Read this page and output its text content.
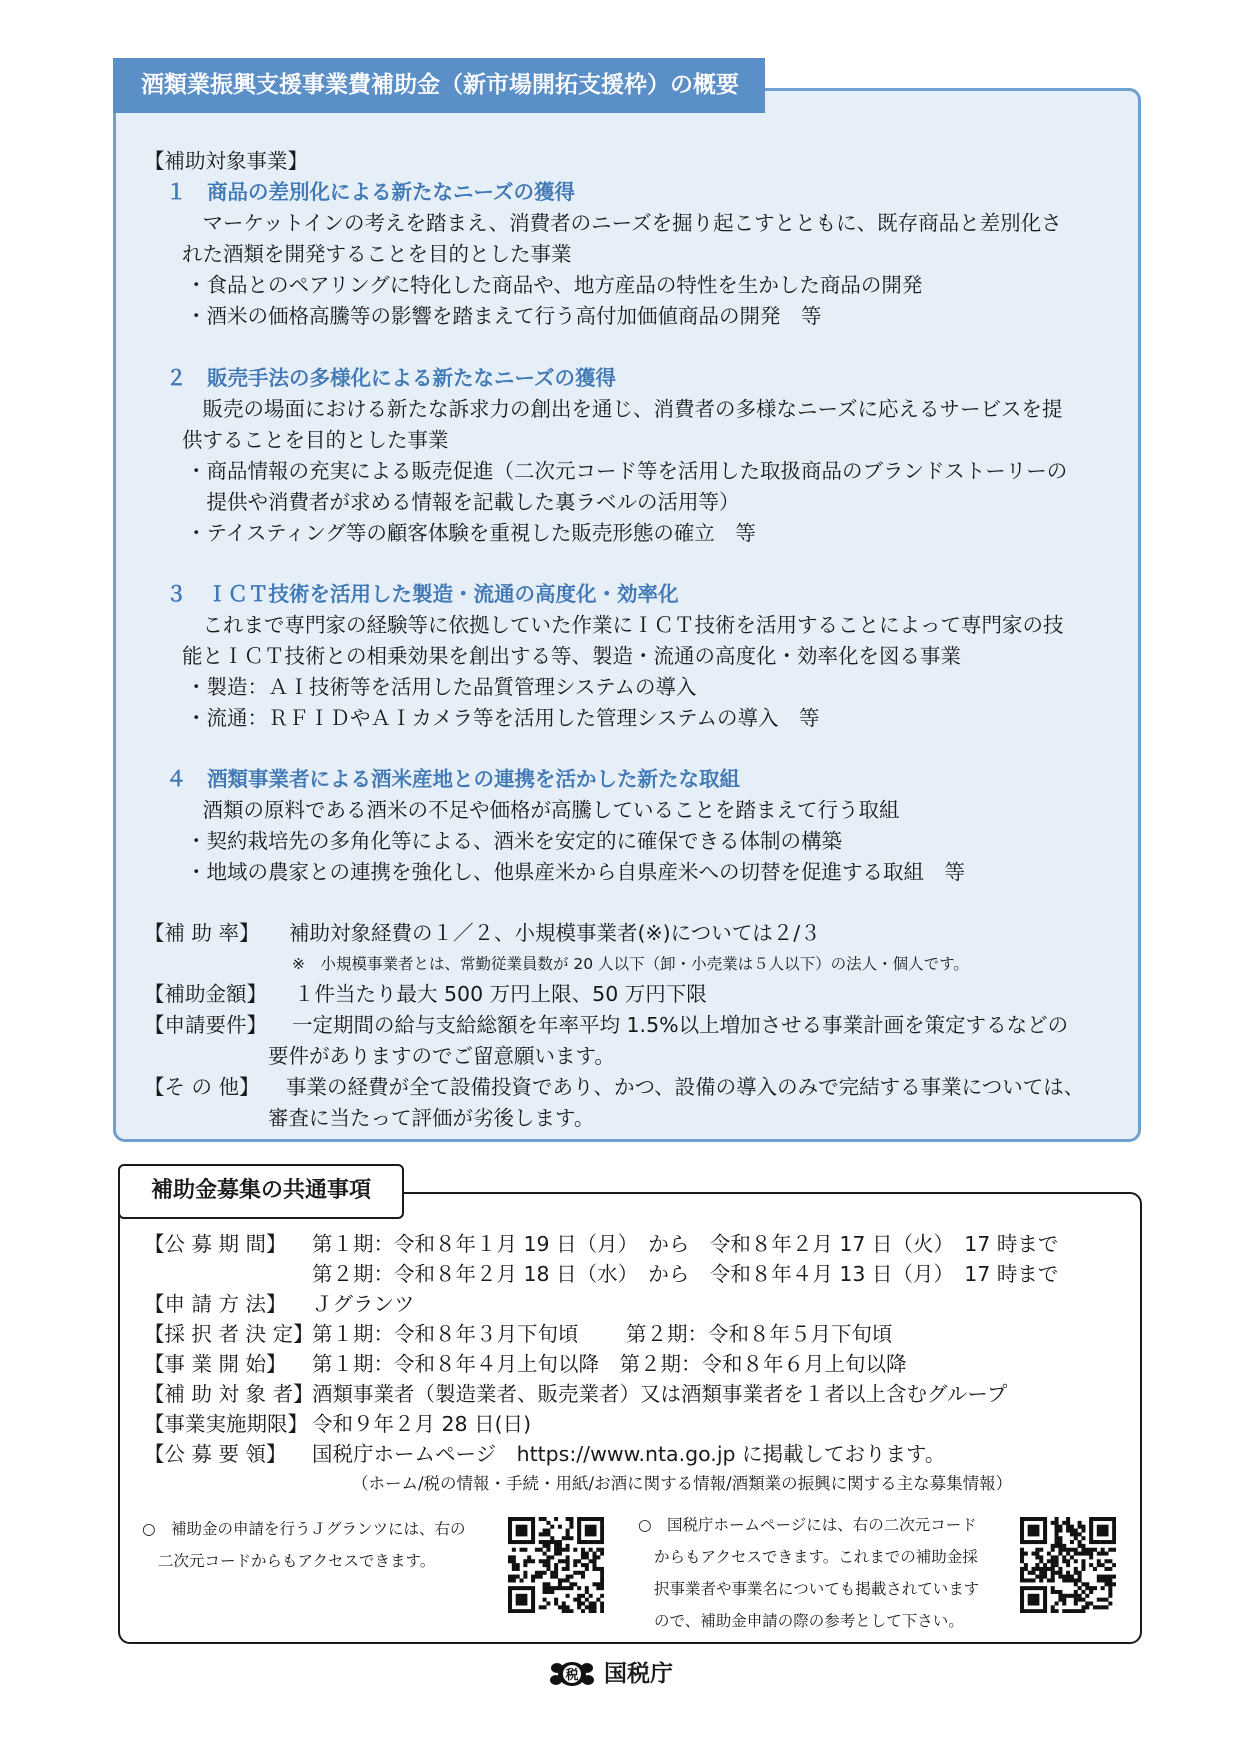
酒類業振興支援事業費補助金（新市場開拓支援枠）の概要
【補助対象事業】
１　商品の差別化による新たなニーズの獲得
　マーケットインの考えを踏まえ、消費者のニーズを掘り起こすとともに、既存商品と差別化さ
れた酒類を開発することを目的とした事業
・食品とのペアリングに特化した商品や、地方産品の特性を生かした商品の開発
・酒米の価格高騰等の影響を踏まえて行う高付加価値商品の開発　等
２　販売手法の多様化による新たなニーズの獲得
　販売の場面における新たな訴求力の創出を通じ、消費者の多様なニーズに応えるサービスを提
供することを目的とした事業
・商品情報の充実による販売促進（二次元コード等を活用した取扱商品のブランドストーリーの
　提供や消費者が求める情報を記載した裏ラベルの活用等）
・テイスティング等の顧客体験を重視した販売形態の確立　等
３　ＩＣＴ技術を活用した製造・流通の高度化・効率化
　これまで専門家の経験等に依拠していた作業にＩＣＴ技術を活用することによって専門家の技
能とＩＣＴ技術との相乗効果を創出する等、製造・流通の高度化・効率化を図る事業
・製造：ＡＩ技術等を活用した品質管理システムの導入
・流通：ＲＦＩＤやＡＩカメラ等を活用した管理システムの導入　等
４　酒類事業者による酒米産地との連携を活かした新たな取組
　酒類の原料である酒米の不足や価格が高騰していることを踏まえて行う取組
・契約栽培先の多角化等による、酒米を安定的に確保できる体制の構築
・地域の農家との連携を強化し、他県産米から自県産米への切替を促進する取組　等
【補 助 率】 補助対象経費の１／２、小規模事業者(※)については２/３
※　小規模事業者とは、常勤従業員数が 20 人以下（卸・小売業は５人以下）の法人・個人です。
【補助金額】 １件当たり最大 500 万円上限、50 万円下限
【申請要件】 一定期間の給与支給総額を年率平均 1.5%以上増加させる事業計画を策定するなどの
要件がありますのでご留意願います。
【そ の 他】 事業の経費が全て設備投資であり、かつ、設備の導入のみで完結する事業については、
審査に当たって評価が劣後します。
補助金募集の共通事項
【公 募 期 間】 第１期：令和８年１月 19 日（月）　から　令和８年２月 17 日（火）　17 時まで
第２期：令和８年２月 18 日（水）　から　令和８年４月 13 日（月）　17 時まで
【申 請 方 法】 Ｊグランツ
【採 択 者 決 定】
第１期：令和８年３月下旬頃　　 第２期：令和８年５月下旬頃
【事 業 開 始】 第１期：令和８年４月上旬以降　第２期：令和８年６月上旬以降
【補 助 対 象 者】
酒類事業者（製造業者、販売業者）又は酒類事業者を１者以上含むグループ
【事業実施期限】 令和９年２月 28 日(日)
【公 募 要 領】 国税庁ホームページ　https://www.nta.go.jp に掲載しております。
（ホーム/税の情報・手続・用紙/お酒に関する情報/酒類業の振興に関する主な募集情報）
○　補助金の申請を行うＪグランツには、右の
二次元コードからもアクセスできます。
○　国税庁ホームページには、右の二次元コード
からもアクセスできます。これまでの補助金採
択事業者や事業名についても掲載されています
ので、補助金申請の際の参考として下さい。
税 国税庁
